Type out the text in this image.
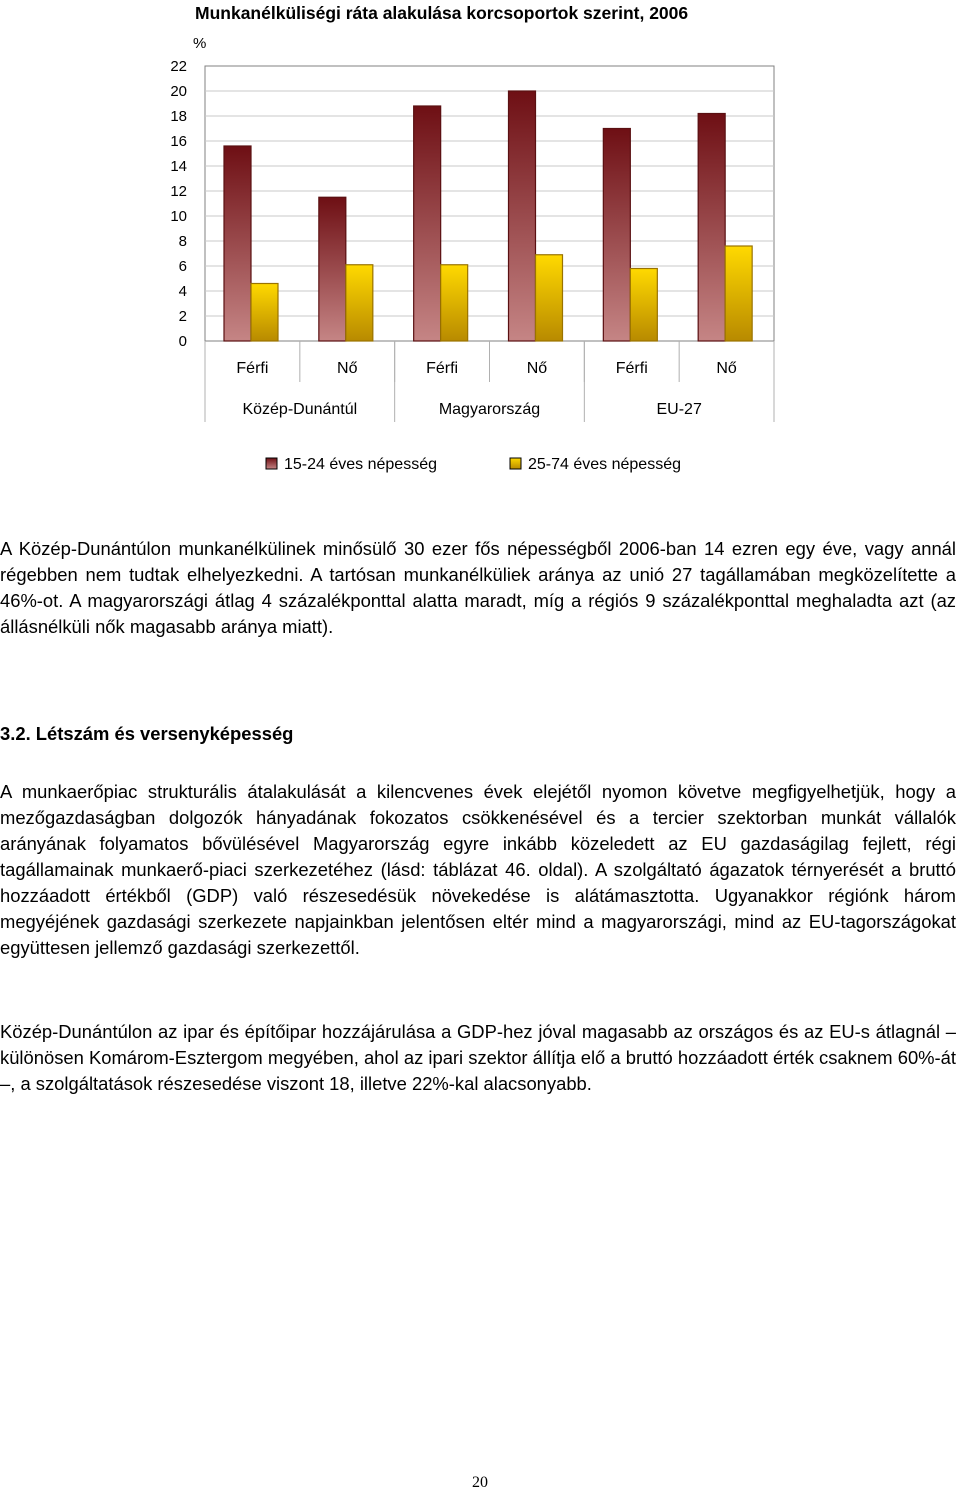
Munkanélküliségi ráta alakulása korcsoportok szerint, 2006
%
0
2
4
6
8
10
12
14
16
18
20
22
Férfi	Nő	Férfi	Nő	Férfi	Nő
Közép-Dunántúl	Magyarország	EU-27
15-24 éves népesség	25-74 éves népesség

A Közép-Dunántúlon munkanélkülinek minősülő 30 ezer fős népességből 2006-ban 14 ezren egy éve, vagy annál régebben nem tudtak elhelyezkedni. A tartósan munkanélküliek aránya az unió 27 tagállamában megközelítette a 46%-ot. A magyarországi átlag 4 százalékponttal alatta maradt, míg a régiós 9 százalékponttal meghaladta azt (az állásnélküli nők magasabb aránya miatt).

3.2. Létszám és versenyképesség

A munkaerőpiac strukturális átalakulását a kilencvenes évek elejétől nyomon követve megfigyelhetjük, hogy a mezőgazdaságban dolgozók hányadának fokozatos csökkenésével és a tercier szektorban munkát vállalók arányának folyamatos bővülésével Magyarország egyre inkább közeledett az EU gazdaságilag fejlett, régi tagállamainak munkaerő-piaci szerkezetéhez (lásd: táblázat 46. oldal). A szolgáltató ágazatok térnyerését a bruttó hozzáadott értékből (GDP) való részesedésük növekedése is alátámasztotta. Ugyanakkor régiónk három megyéjének gazdasági szerkezete napjainkban jelentősen eltér mind a magyarországi, mind az EU-tagországokat együttesen jellemző gazdasági szerkezettől.

Közép-Dunántúlon az ipar és építőipar hozzájárulása a GDP-hez jóval magasabb az országos és az EU-s átlagnál – különösen Komárom-Esztergom megyében, ahol az ipari szektor állítja elő a bruttó hozzáadott érték csaknem 60%-át –, a szolgáltatások részesedése viszont 18, illetve 22%-kal alacsonyabb.

20
